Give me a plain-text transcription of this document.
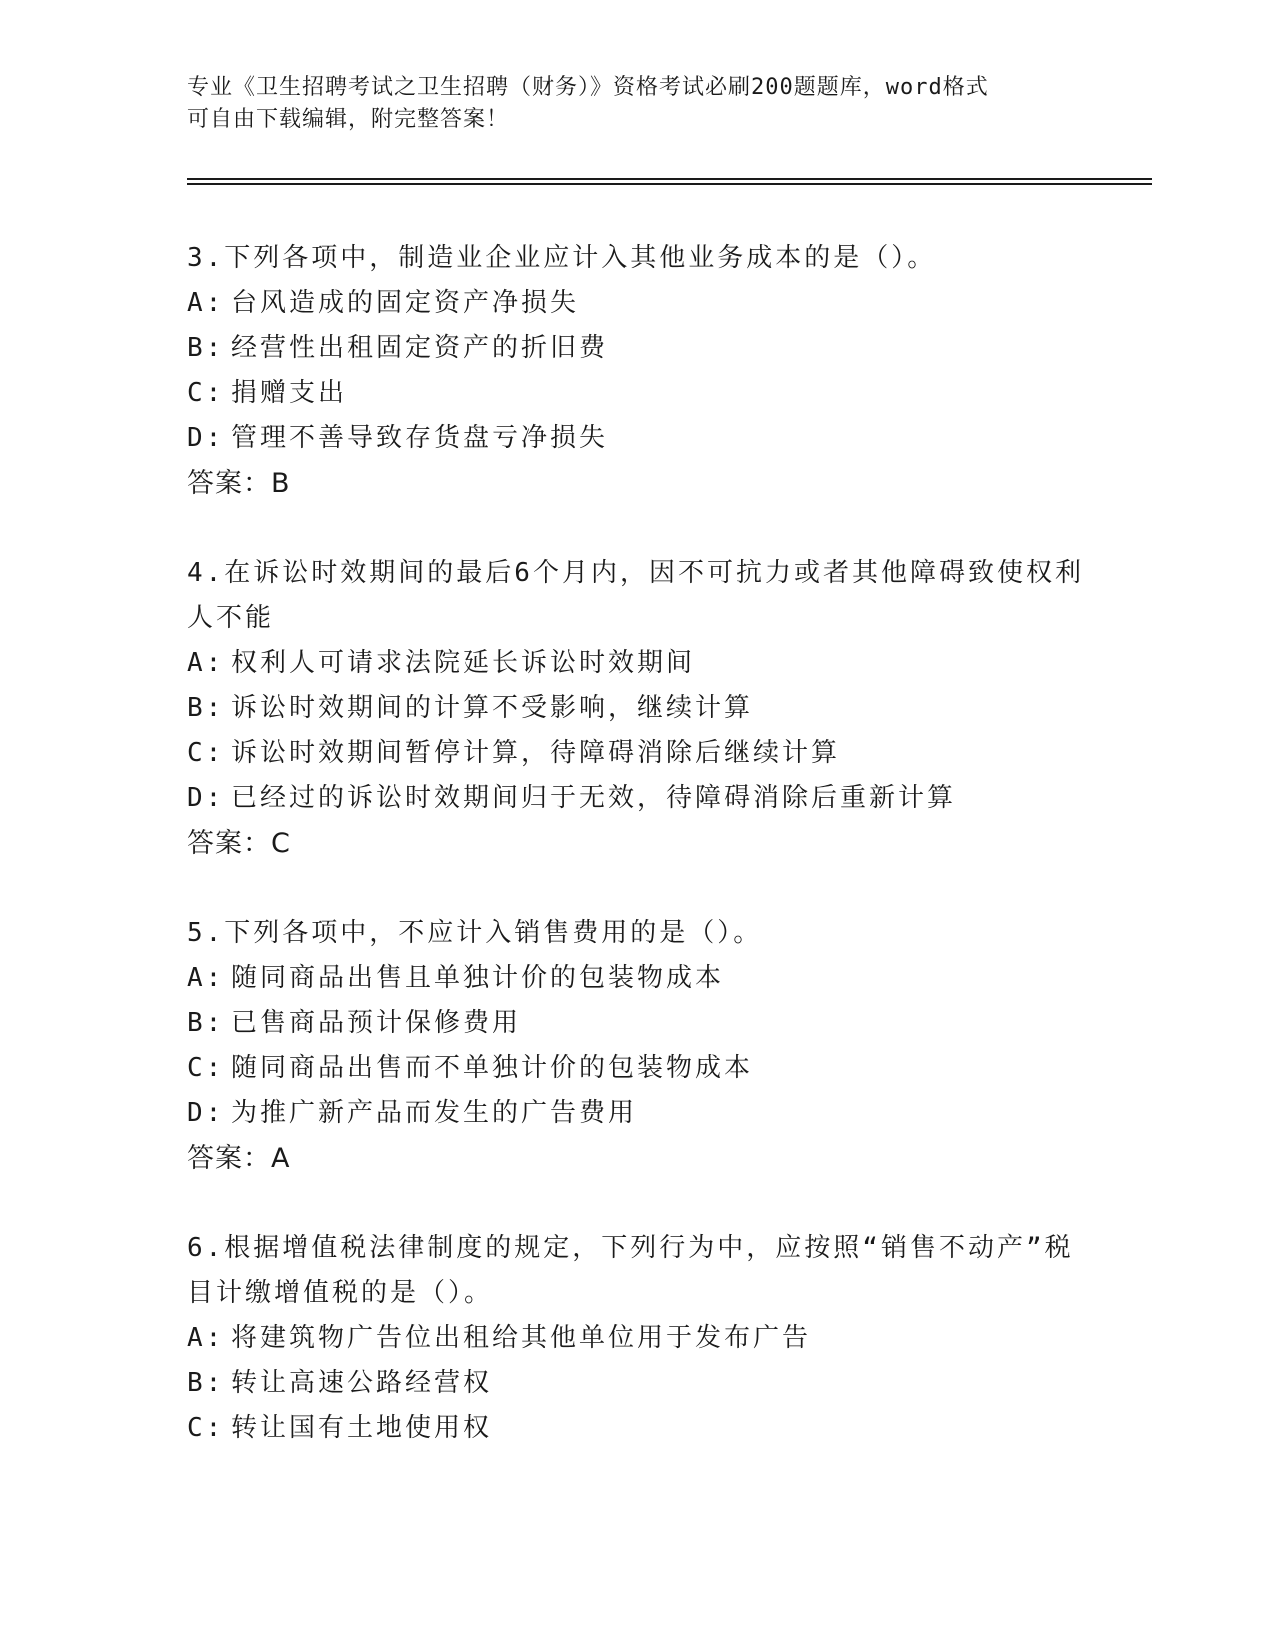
专业《卫生招聘考试之卫生招聘（财务）》资格考试必刷200题题库，word格式
可自由下载编辑，附完整答案！

3.下列各项中，制造业企业应计入其他业务成本的是（）。

A: 台风造成的固定资产净损失

B: 经营性出租固定资产的折旧费

C: 捐赠支出

D: 管理不善导致存货盘亏净损失

答案：B

4.在诉讼时效期间的最后6个月内，因不可抗力或者其他障碍致使权利人不能

A: 权利人可请求法院延长诉讼时效期间

B: 诉讼时效期间的计算不受影响，继续计算

C: 诉讼时效期间暂停计算，待障碍消除后继续计算

D: 已经过的诉讼时效期间归于无效，待障碍消除后重新计算

答案：C

5.下列各项中，不应计入销售费用的是（）。

A: 随同商品出售且单独计价的包装物成本

B: 已售商品预计保修费用

C: 随同商品出售而不单独计价的包装物成本

D: 为推广新产品而发生的广告费用

答案：A

6.根据增值税法律制度的规定，下列行为中，应按照“销售不动产”税目计缴增值税的是（）。

A: 将建筑物广告位出租给其他单位用于发布广告

B: 转让高速公路经营权

C: 转让国有土地使用权
